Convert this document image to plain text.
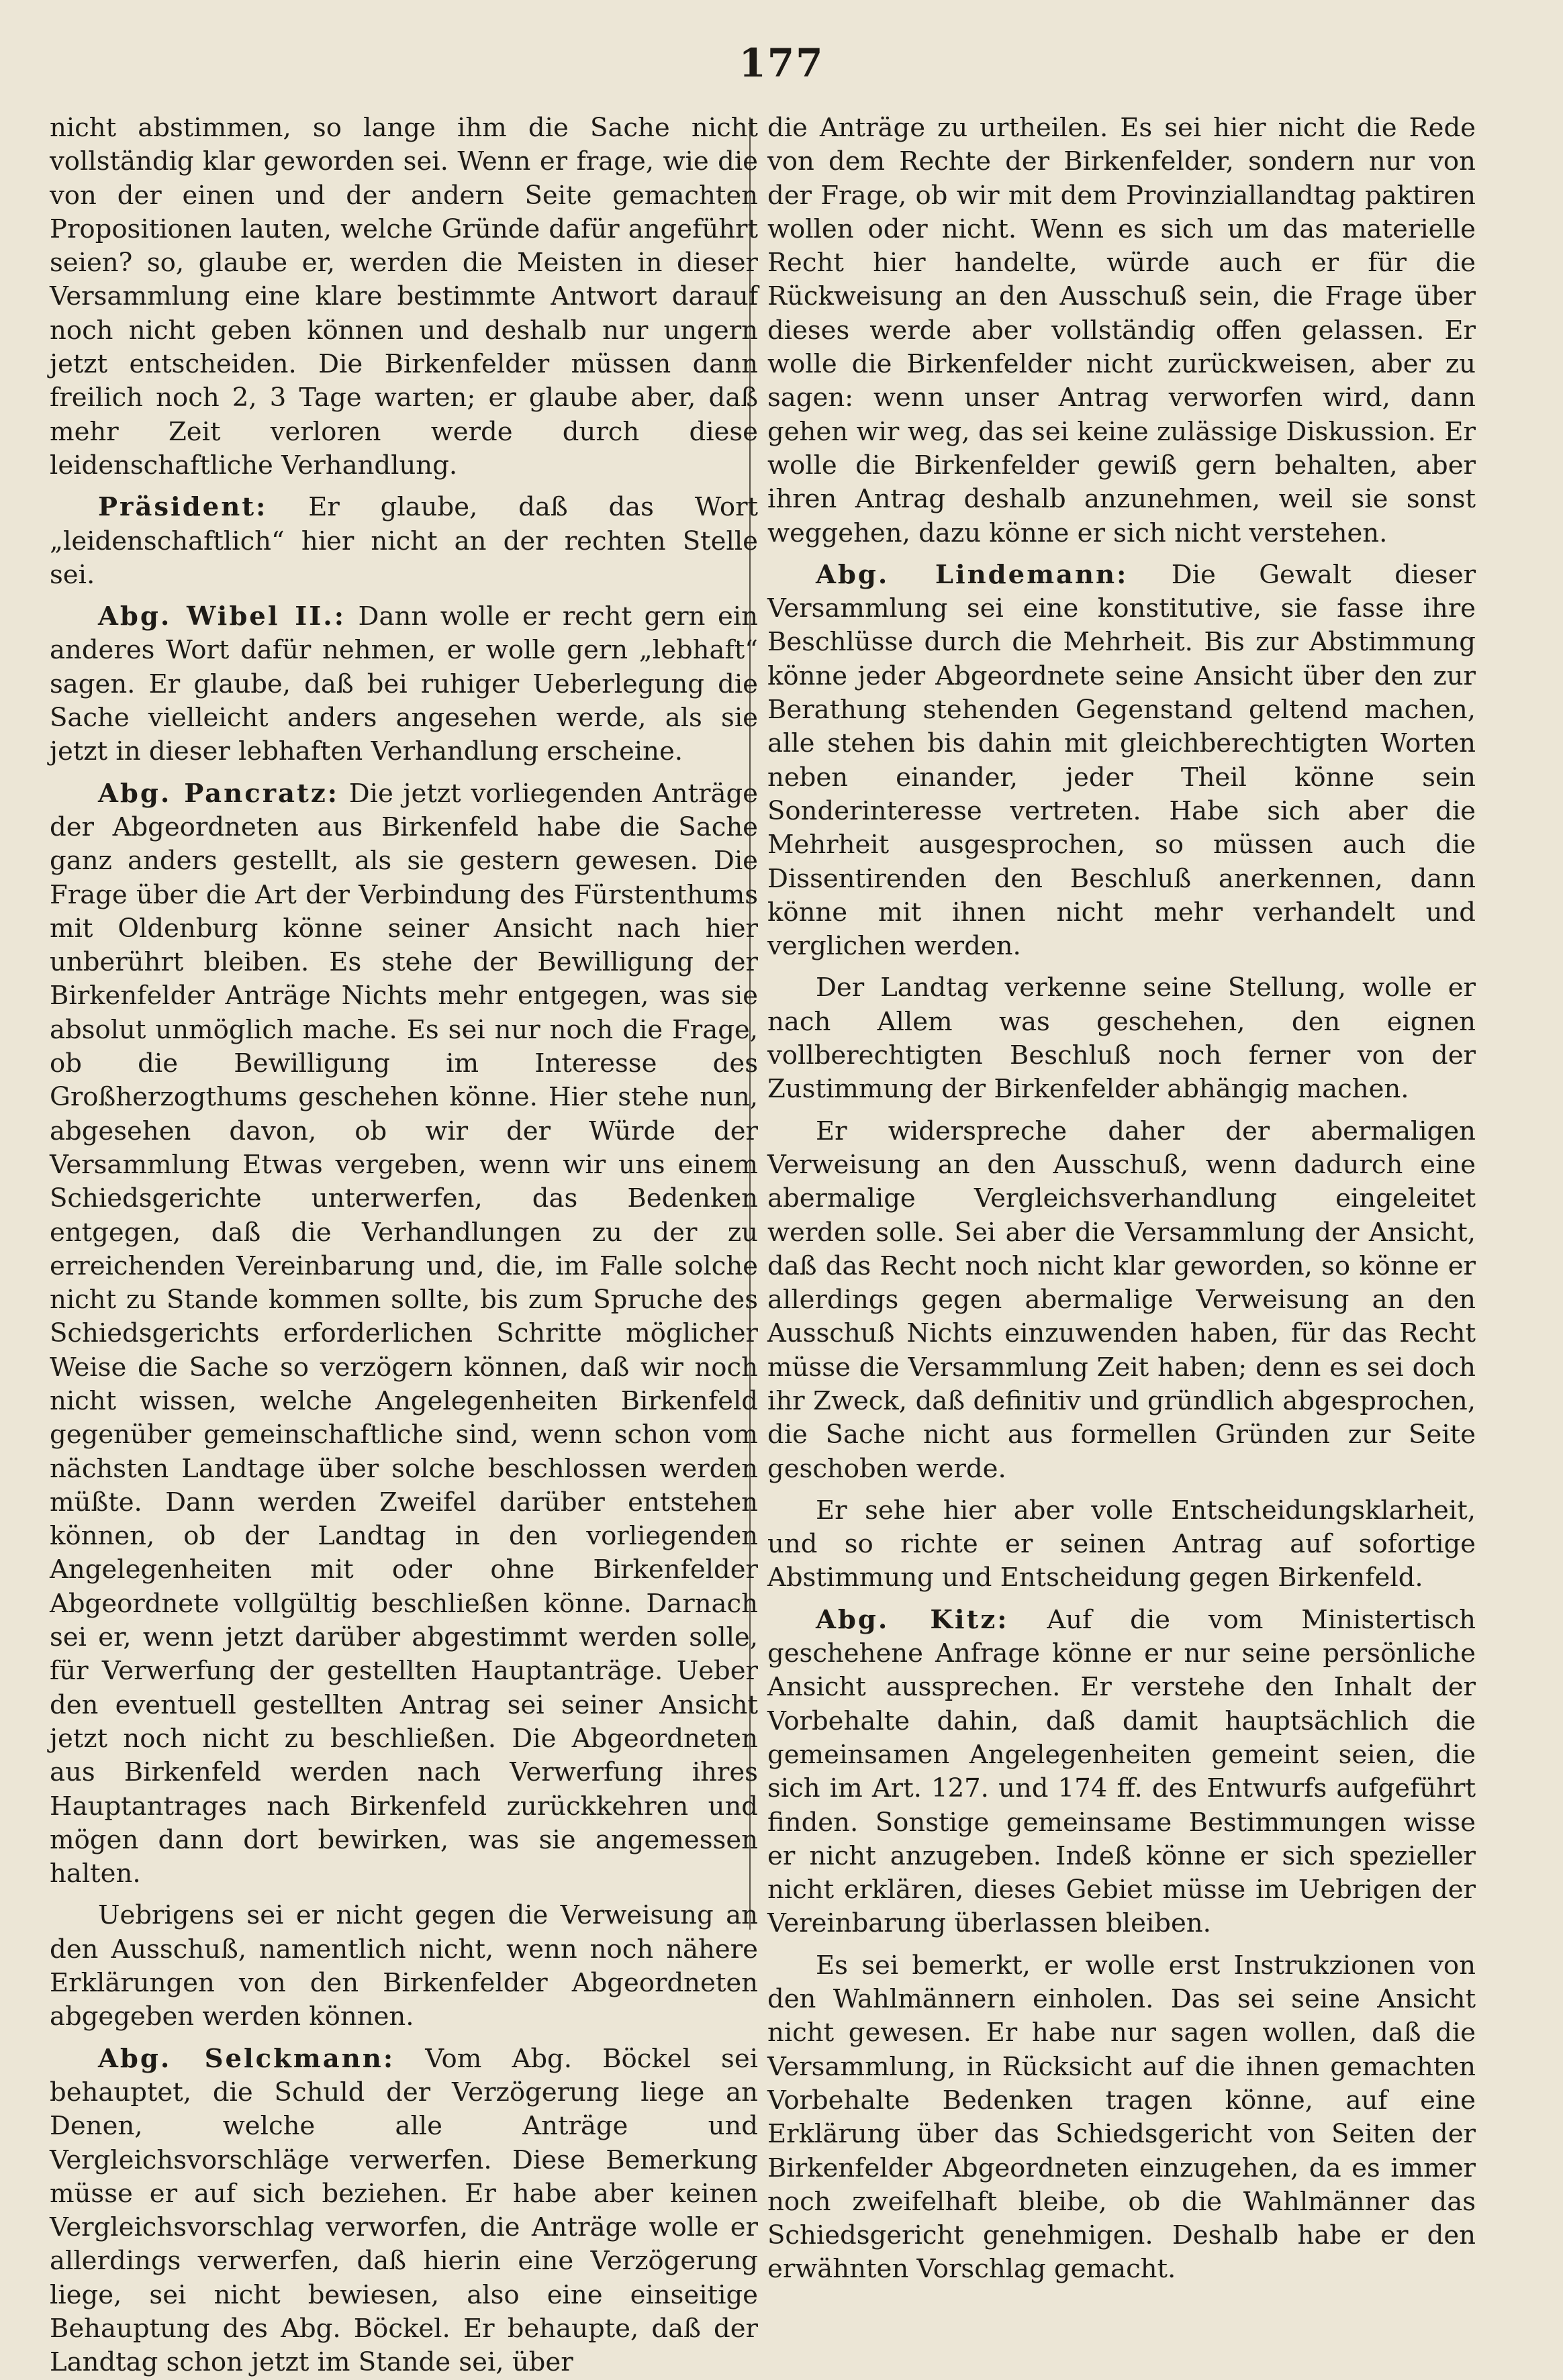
177

nicht abstimmen, so lange ihm die Sache nicht vollständig klar geworden sei. Wenn er frage, wie die von der einen und der andern Seite gemachten Propositionen lauten, welche Gründe dafür angeführt seien? so, glaube er, werden die Meisten in dieser Versammlung eine klare bestimmte Antwort darauf noch nicht geben können und deshalb nur ungern jetzt entscheiden. Die Birkenfelder müssen dann freilich noch 2, 3 Tage warten; er glaube aber, daß mehr Zeit verloren werde durch diese leidenschaftliche Verhandlung.

Präsident: Er glaube, daß das Wort „leidenschaftlich“ hier nicht an der rechten Stelle sei.

Abg. Wibel II.: Dann wolle er recht gern ein anderes Wort dafür nehmen, er wolle gern „lebhaft“ sagen. Er glaube, daß bei ruhiger Ueberlegung die Sache vielleicht anders angesehen werde, als sie jetzt in dieser lebhaften Verhandlung erscheine.

Abg. Pancratz: Die jetzt vorliegenden Anträge der Abgeordneten aus Birkenfeld habe die Sache ganz anders gestellt, als sie gestern gewesen. Die Frage über die Art der Verbindung des Fürstenthums mit Oldenburg könne seiner Ansicht nach hier unberührt bleiben. Es stehe der Bewilligung der Birkenfelder Anträge Nichts mehr entgegen, was sie absolut unmöglich mache. Es sei nur noch die Frage, ob die Bewilligung im Interesse des Großherzogthums geschehen könne. Hier stehe nun, abgesehen davon, ob wir der Würde der Versammlung Etwas vergeben, wenn wir uns einem Schiedsgerichte unterwerfen, das Bedenken entgegen, daß die Verhandlungen zu der zu erreichenden Vereinbarung und, die, im Falle solche nicht zu Stande kommen sollte, bis zum Spruche des Schiedsgerichts erforderlichen Schritte möglicher Weise die Sache so verzögern können, daß wir noch nicht wissen, welche Angelegenheiten Birkenfeld gegenüber gemeinschaftliche sind, wenn schon vom nächsten Landtage über solche beschlossen werden müßte. Dann werden Zweifel darüber entstehen können, ob der Landtag in den vorliegenden Angelegenheiten mit oder ohne Birkenfelder Abgeordnete vollgültig beschließen könne. Darnach sei er, wenn jetzt darüber abgestimmt werden solle, für Verwerfung der gestellten Hauptanträge. Ueber den eventuell gestellten Antrag sei seiner Ansicht jetzt noch nicht zu beschließen. Die Abgeordneten aus Birkenfeld werden nach Verwerfung ihres Hauptantrages nach Birkenfeld zurückkehren und mögen dann dort bewirken, was sie angemessen halten.

Uebrigens sei er nicht gegen die Verweisung an den Ausschuß, namentlich nicht, wenn noch nähere Erklärungen von den Birkenfelder Abgeordneten abgegeben werden können.

Abg. Selckmann: Vom Abg. Böckel sei behauptet, die Schuld der Verzögerung liege an Denen, welche alle Anträge und Vergleichsvorschläge verwerfen. Diese Bemerkung müsse er auf sich beziehen. Er habe aber keinen Vergleichsvorschlag verworfen, die Anträge wolle er allerdings verwerfen, daß hierin eine Verzögerung liege, sei nicht bewiesen, also eine einseitige Behauptung des Abg. Böckel. Er behaupte, daß der Landtag schon jetzt im Stande sei, über

die Anträge zu urtheilen. Es sei hier nicht die Rede von dem Rechte der Birkenfelder, sondern nur von der Frage, ob wir mit dem Provinziallandtag paktiren wollen oder nicht. Wenn es sich um das materielle Recht hier handelte, würde auch er für die Rückweisung an den Ausschuß sein, die Frage über dieses werde aber vollständig offen gelassen. Er wolle die Birkenfelder nicht zurückweisen, aber zu sagen: wenn unser Antrag verworfen wird, dann gehen wir weg, das sei keine zulässige Diskussion. Er wolle die Birkenfelder gewiß gern behalten, aber ihren Antrag deshalb anzunehmen, weil sie sonst weggehen, dazu könne er sich nicht verstehen.

Abg. Lindemann: Die Gewalt dieser Versammlung sei eine konstitutive, sie fasse ihre Beschlüsse durch die Mehrheit. Bis zur Abstimmung könne jeder Abgeordnete seine Ansicht über den zur Berathung stehenden Gegenstand geltend machen, alle stehen bis dahin mit gleichberechtigten Worten neben einander, jeder Theil könne sein Sonderinteresse vertreten. Habe sich aber die Mehrheit ausgesprochen, so müssen auch die Dissentirenden den Beschluß anerkennen, dann könne mit ihnen nicht mehr verhandelt und verglichen werden.

Der Landtag verkenne seine Stellung, wolle er nach Allem was geschehen, den eignen vollberechtigten Beschluß noch ferner von der Zustimmung der Birkenfelder abhängig machen.

Er widerspreche daher der abermaligen Verweisung an den Ausschuß, wenn dadurch eine abermalige Vergleichsverhandlung eingeleitet werden solle. Sei aber die Versammlung der Ansicht, daß das Recht noch nicht klar geworden, so könne er allerdings gegen abermalige Verweisung an den Ausschuß Nichts einzuwenden haben, für das Recht müsse die Versammlung Zeit haben; denn es sei doch ihr Zweck, daß definitiv und gründlich abgesprochen, die Sache nicht aus formellen Gründen zur Seite geschoben werde.

Er sehe hier aber volle Entscheidungsklarheit, und so richte er seinen Antrag auf sofortige Abstimmung und Entscheidung gegen Birkenfeld.

Abg. Kitz: Auf die vom Ministertisch geschehene Anfrage könne er nur seine persönliche Ansicht aussprechen. Er verstehe den Inhalt der Vorbehalte dahin, daß damit hauptsächlich die gemeinsamen Angelegenheiten gemeint seien, die sich im Art. 127. und 174 ff. des Entwurfs aufgeführt finden. Sonstige gemeinsame Bestimmungen wisse er nicht anzugeben. Indeß könne er sich spezieller nicht erklären, dieses Gebiet müsse im Uebrigen der Vereinbarung überlassen bleiben.

Es sei bemerkt, er wolle erst Instrukzionen von den Wahlmännern einholen. Das sei seine Ansicht nicht gewesen. Er habe nur sagen wollen, daß die Versammlung, in Rücksicht auf die ihnen gemachten Vorbehalte Bedenken tragen könne, auf eine Erklärung über das Schiedsgericht von Seiten der Birkenfelder Abgeordneten einzugehen, da es immer noch zweifelhaft bleibe, ob die Wahlmänner das Schiedsgericht genehmigen. Deshalb habe er den erwähnten Vorschlag gemacht.
